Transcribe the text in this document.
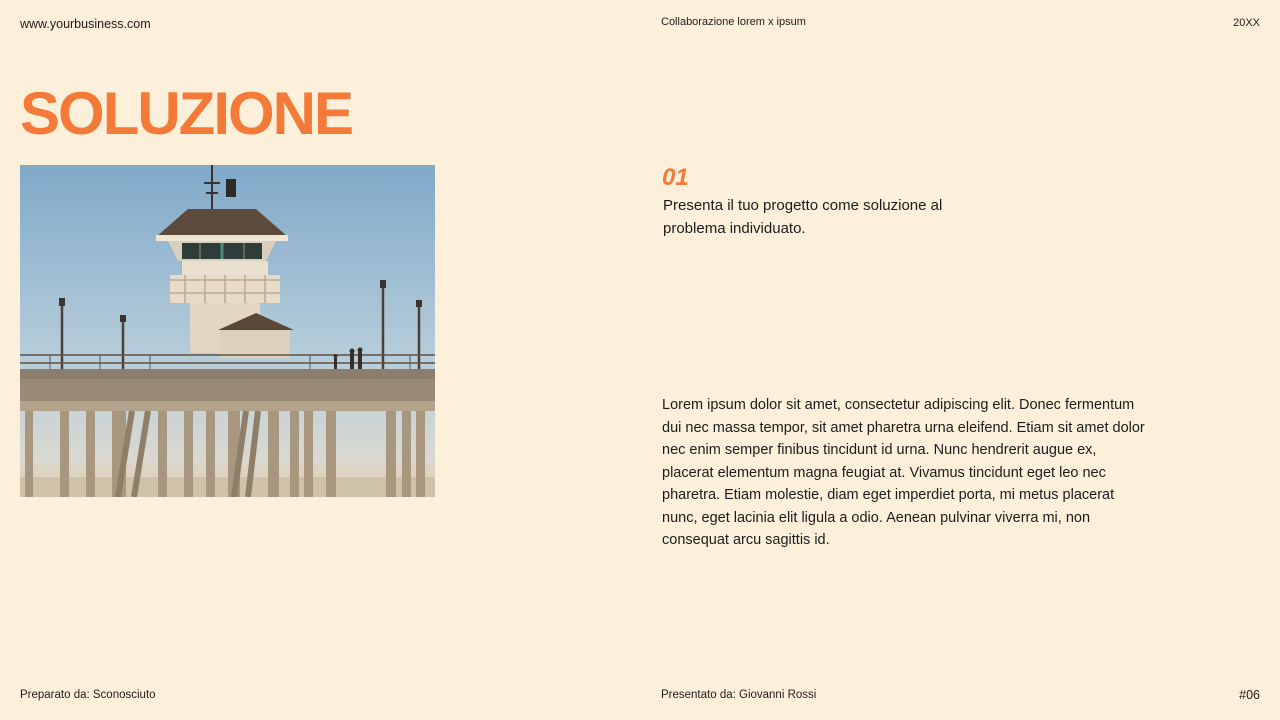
www.yourbusiness.com	Collaborazione lorem x ipsum	20XX
SOLUZIONE
01

Presenta il tuo progetto come soluzione al problema individuato.

Lorem ipsum dolor sit amet, consectetur adipiscing elit. Donec fermentum dui nec massa tempor, sit amet pharetra urna eleifend. Etiam sit amet dolor nec enim semper finibus tincidunt id urna. Nunc hendrerit augue ex, placerat elementum magna feugiat at. Vivamus tincidunt eget leo nec pharetra. Etiam molestie, diam eget imperdiet porta, mi metus placerat nunc, eget lacinia elit ligula a odio. Aenean pulvinar viverra mi, non consequat arcu sagittis id.

Preparato da: Sconosciuto	Presentato da: Giovanni Rossi	#06
